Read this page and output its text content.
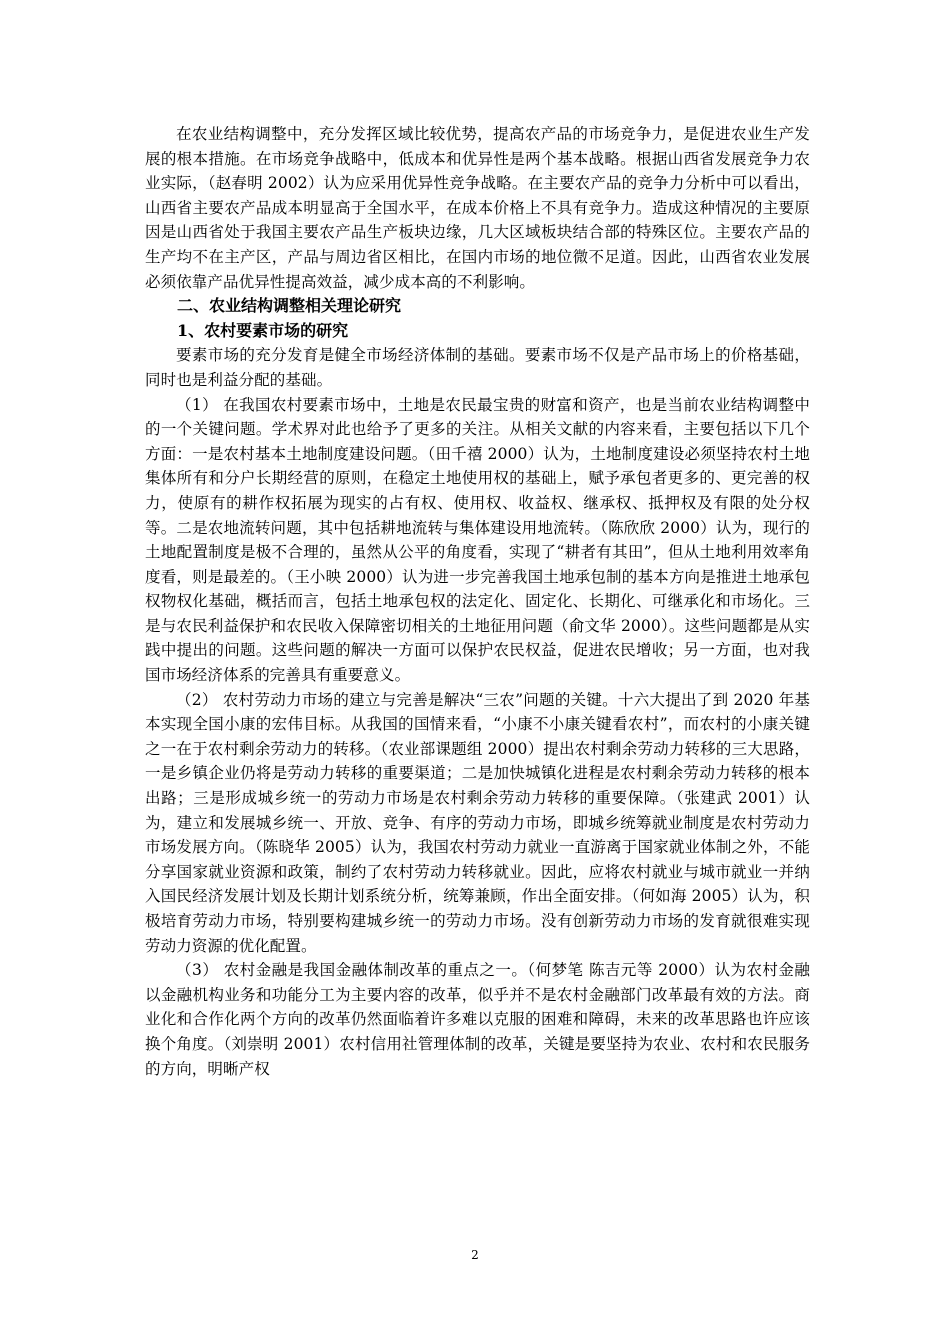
在农业结构调整中，充分发挥区域比较优势，提高农产品的市场竞争力，是促进农业生产发展的根本措施。在市场竞争战略中，低成本和优异性是两个基本战略。根据山西省发展竞争力农业实际，（赵春明 2002）认为应采用优异性竞争战略。在主要农产品的竞争力分析中可以看出，山西省主要农产品成本明显高于全国水平，在成本价格上不具有竞争力。造成这种情况的主要原因是山西省处于我国主要农产品生产板块边缘，几大区域板块结合部的特殊区位。主要农产品的生产均不在主产区，产品与周边省区相比，在国内市场的地位微不足道。因此，山西省农业发展必须依靠产品优异性提高效益，减少成本高的不利影响。

二、农业结构调整相关理论研究

1、农村要素市场的研究

要素市场的充分发育是健全市场经济体制的基础。要素市场不仅是产品市场上的价格基础，同时也是利益分配的基础。

（1） 在我国农村要素市场中，土地是农民最宝贵的财富和资产，也是当前农业结构调整中的一个关键问题。学术界对此也给予了更多的关注。从相关文献的内容来看，主要包括以下几个方面：一是农村基本土地制度建设问题。（田千禧 2000）认为，土地制度建设必须坚持农村土地集体所有和分户长期经营的原则，在稳定土地使用权的基础上，赋予承包者更多的、更完善的权力，使原有的耕作权拓展为现实的占有权、使用权、收益权、继承权、抵押权及有限的处分权等。二是农地流转问题，其中包括耕地流转与集体建设用地流转。（陈欣欣 2000）认为，现行的土地配置制度是极不合理的，虽然从公平的角度看，实现了“耕者有其田”，但从土地利用效率角度看，则是最差的。（王小映 2000）认为进一步完善我国土地承包制的基本方向是推进土地承包权物权化基础，概括而言，包括土地承包权的法定化、固定化、长期化、可继承化和市场化。三是与农民利益保护和农民收入保障密切相关的土地征用问题（俞文华 2000）。这些问题都是从实践中提出的问题。这些问题的解决一方面可以保护农民权益，促进农民增收；另一方面，也对我国市场经济体系的完善具有重要意义。

（2） 农村劳动力市场的建立与完善是解决“三农”问题的关键。十六大提出了到 2020 年基本实现全国小康的宏伟目标。从我国的国情来看，“小康不小康关键看农村”，而农村的小康关键之一在于农村剩余劳动力的转移。（农业部课题组 2000）提出农村剩余劳动力转移的三大思路，一是乡镇企业仍将是劳动力转移的重要渠道；二是加快城镇化进程是农村剩余劳动力转移的根本出路；三是形成城乡统一的劳动力市场是农村剩余劳动力转移的重要保障。（张建武 2001）认为，建立和发展城乡统一、开放、竞争、有序的劳动力市场，即城乡统筹就业制度是农村劳动力市场发展方向。（陈晓华 2005）认为，我国农村劳动力就业一直游离于国家就业体制之外，不能分享国家就业资源和政策，制约了农村劳动力转移就业。因此，应将农村就业与城市就业一并纳入国民经济发展计划及长期计划系统分析，统筹兼顾，作出全面安排。（何如海 2005）认为，积极培育劳动力市场，特别要构建城乡统一的劳动力市场。没有创新劳动力市场的发育就很难实现劳动力资源的优化配置。

（3） 农村金融是我国金融体制改革的重点之一。（何梦笔 陈吉元等 2000）认为农村金融以金融机构业务和功能分工为主要内容的改革，似乎并不是农村金融部门改革最有效的方法。商业化和合作化两个方向的改革仍然面临着许多难以克服的困难和障碍，未来的改革思路也许应该换个角度。（刘崇明 2001）农村信用社管理体制的改革，关键是要坚持为农业、农村和农民服务的方向，明晰产权

2
